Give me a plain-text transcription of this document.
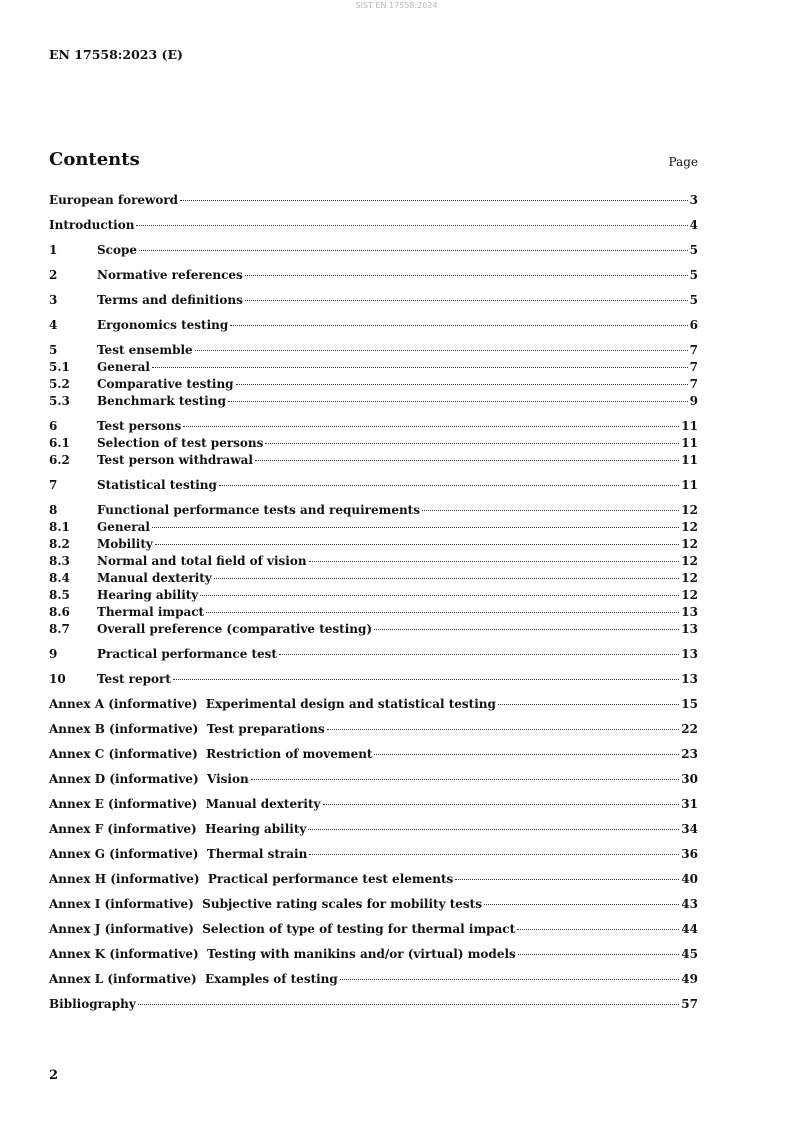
SIST EN 17558:2024
EN 17558:2023 (E)
Contents	Page
European foreword	3
Introduction	4
1	Scope	5
2	Normative references	5
3	Terms and definitions	5
4	Ergonomics testing	6
5	Test ensemble	7
5.1	General	7
5.2	Comparative testing	7
5.3	Benchmark testing	9
6	Test persons	11
6.1	Selection of test persons	11
6.2	Test person withdrawal	11
7	Statistical testing	11
8	Functional performance tests and requirements	12
8.1	General	12
8.2	Mobility	12
8.3	Normal and total field of vision	12
8.4	Manual dexterity	12
8.5	Hearing ability	12
8.6	Thermal impact	13
8.7	Overall preference (comparative testing)	13
9	Practical performance test	13
10	Test report	13
Annex A (informative)  Experimental design and statistical testing	15
Annex B (informative)  Test preparations	22
Annex C (informative)  Restriction of movement	23
Annex D (informative)  Vision	30
Annex E (informative)  Manual dexterity	31
Annex F (informative)  Hearing ability	34
Annex G (informative)  Thermal strain	36
Annex H (informative)  Practical performance test elements	40
Annex I (informative)  Subjective rating scales for mobility tests	43
Annex J (informative)  Selection of type of testing for thermal impact	44
Annex K (informative)  Testing with manikins and/or (virtual) models	45
Annex L (informative)  Examples of testing	49
Bibliography	57
2
